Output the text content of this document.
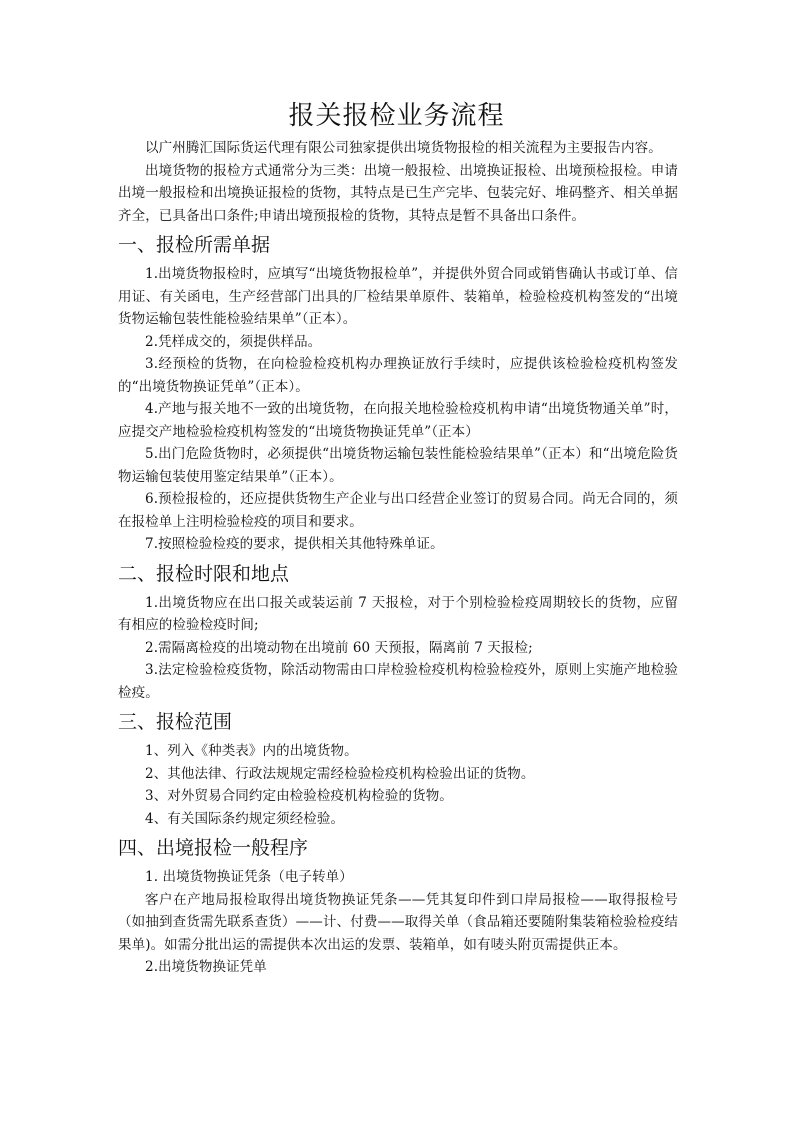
报关报检业务流程

以广州腾汇国际货运代理有限公司独家提供出境货物报检的相关流程为主要报告内容。

出境货物的报检方式通常分为三类：出境一般报检、出境换证报检、出境预检报检。申请出境一般报检和出境换证报检的货物，其特点是已生产完毕、包装完好、堆码整齐、相关单据齐全，已具备出口条件;申请出境预报检的货物，其特点是暂不具备出口条件。

一、报检所需单据

1.出境货物报检时，应填写“出境货物报检单”，并提供外贸合同或销售确认书或订单、信用证、有关函电，生产经营部门出具的厂检结果单原件、装箱单，检验检疫机构签发的“出境货物运输包装性能检验结果单”（正本）。

2.凭样成交的，须提供样品。

3.经预检的货物，在向检验检疫机构办理换证放行手续时，应提供该检验检疫机构签发的“出境货物换证凭单”（正本）。

4.产地与报关地不一致的出境货物，在向报关地检验检疫机构申请“出境货物通关单”时，应提交产地检验检疫机构签发的“出境货物换证凭单”（正本）

5.出门危险货物时，必须提供“出境货物运输包装性能检验结果单”（正本）和“出境危险货物运输包装使用鉴定结果单”（正本）。

6.预检报检的，还应提供货物生产企业与出口经营企业签订的贸易合同。尚无合同的，须在报检单上注明检验检疫的项目和要求。

7.按照检验检疫的要求，提供相关其他特殊单证。

二、报检时限和地点

1.出境货物应在出口报关或装运前 7 天报检，对于个别检验检疫周期较长的货物，应留有相应的检验检疫时间;

2.需隔离检疫的出境动物在出境前 60 天预报，隔离前 7 天报检;

3.法定检验检疫货物，除活动物需由口岸检验检疫机构检验检疫外，原则上实施产地检验检疫。

三、报检范围

1、列入《种类表》内的出境货物。

2、其他法律、行政法规规定需经检验检疫机构检验出证的货物。

3、对外贸易合同约定由检验检疫机构检验的货物。

4、有关国际条约规定须经检验。

四、出境报检一般程序

1. 出境货物换证凭条（电子转单）

客户在产地局报检取得出境货物换证凭条——凭其复印件到口岸局报检——取得报检号（如抽到查货需先联系查货）——计、付费——取得关单（食品箱还要随附集装箱检验检疫结果单)。如需分批出运的需提供本次出运的发票、装箱单，如有唛头附页需提供正本。

2.出境货物换证凭单
